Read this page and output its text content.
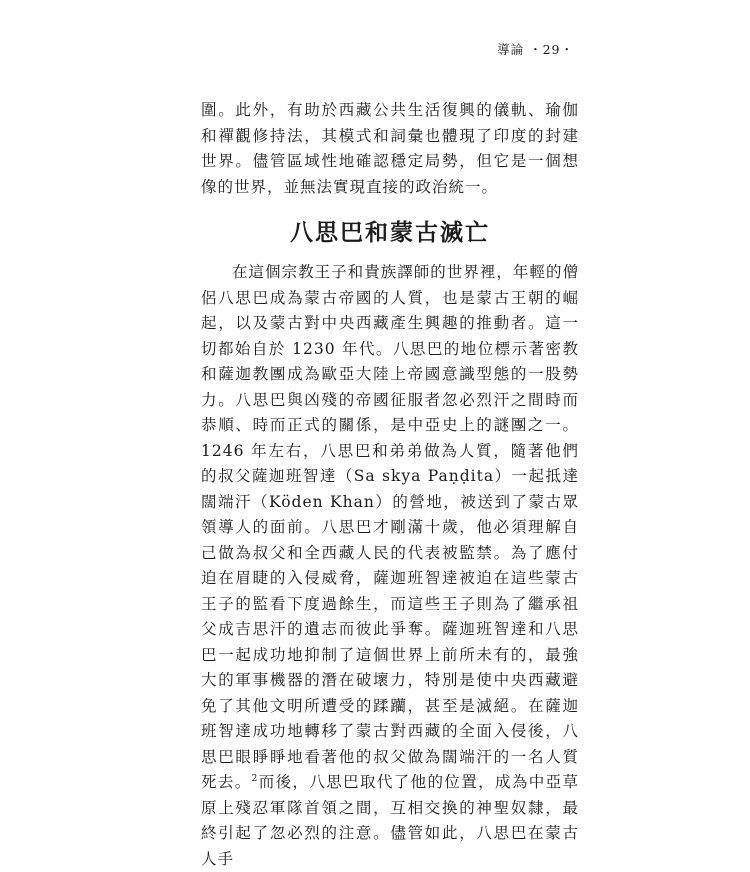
導論 ・29・

圍。此外，有助於西藏公共生活復興的儀軌、瑜伽和禪觀修持法，其模式和詞彙也體現了印度的封建世界。儘管區域性地確認穩定局勢，但它是一個想像的世界，並無法實現直接的政治統一。

八思巴和蒙古滅亡

在這個宗教王子和貴族譯師的世界裡，年輕的僧侶八思巴成為蒙古帝國的人質，也是蒙古王朝的崛起，以及蒙古對中央西藏產生興趣的推動者。這一切都始自於 1230 年代。八思巴的地位標示著密教和薩迦教團成為歐亞大陸上帝國意識型態的一股勢力。八思巴與凶殘的帝國征服者忽必烈汗之間時而恭順、時而正式的關係，是中亞史上的謎團之一。1246 年左右，八思巴和弟弟做為人質，隨著他們的叔父薩迦班智達（Sa skya Paṇḍita）一起抵達闊端汗（Köden Khan）的營地，被送到了蒙古眾領導人的面前。八思巴才剛滿十歲，他必須理解自己做為叔父和全西藏人民的代表被監禁。為了應付迫在眉睫的入侵威脅，薩迦班智達被迫在這些蒙古王子的監看下度過餘生，而這些王子則為了繼承祖父成吉思汗的遺志而彼此爭奪。薩迦班智達和八思巴一起成功地抑制了這個世界上前所未有的，最強大的軍事機器的潛在破壞力，特別是使中央西藏避免了其他文明所遭受的蹂躪，甚至是滅絕。在薩迦班智達成功地轉移了蒙古對西藏的全面入侵後，八思巴眼睜睜地看著他的叔父做為闊端汗的一名人質死去。$^2$而後，八思巴取代了他的位置，成為中亞草原上殘忍軍隊首領之間，互相交換的神聖奴隸，最終引起了忽必烈的注意。儘管如此，八思巴在蒙古人手
